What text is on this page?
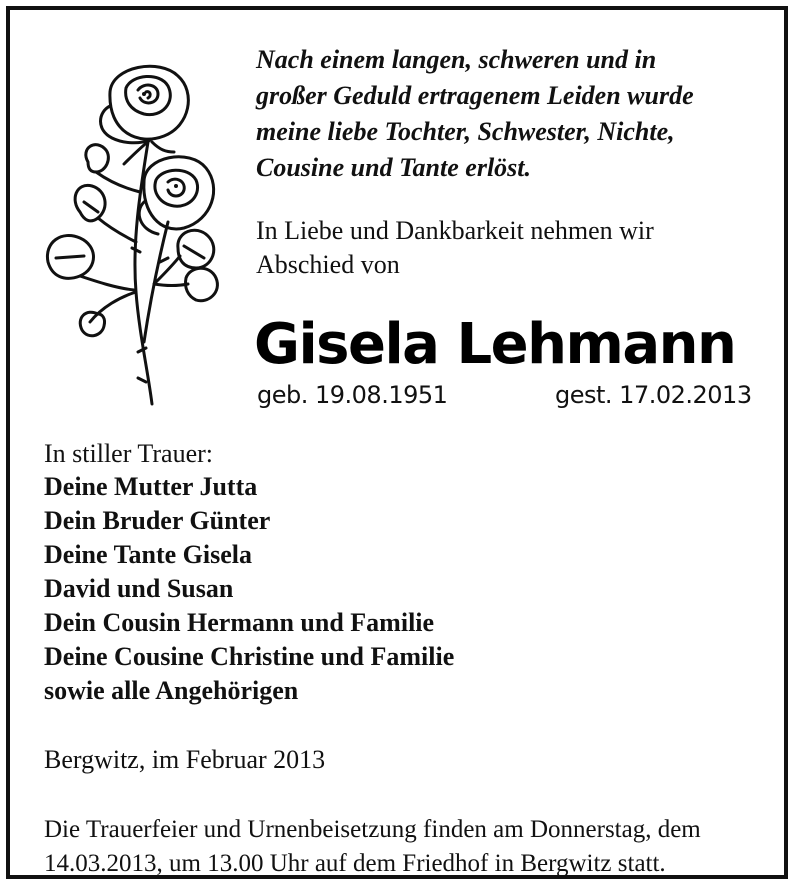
Nach einem langen, schweren und in
großer Geduld ertragenem Leiden wurde
meine liebe Tochter, Schwester, Nichte,
Cousine und Tante erlöst.
In Liebe und Dankbarkeit nehmen wir
Abschied von
Gisela Lehmann
geb. 19.08.1951	gest. 17.02.2013
In stiller Trauer:
Deine Mutter Jutta
Dein Bruder Günter
Deine Tante Gisela
David und Susan
Dein Cousin Hermann und Familie
Deine Cousine Christine und Familie
sowie alle Angehörigen
Bergwitz, im Februar 2013
Die Trauerfeier und Urnenbeisetzung finden am Donnerstag, dem
14.03.2013, um 13.00 Uhr auf dem Friedhof in Bergwitz statt.
